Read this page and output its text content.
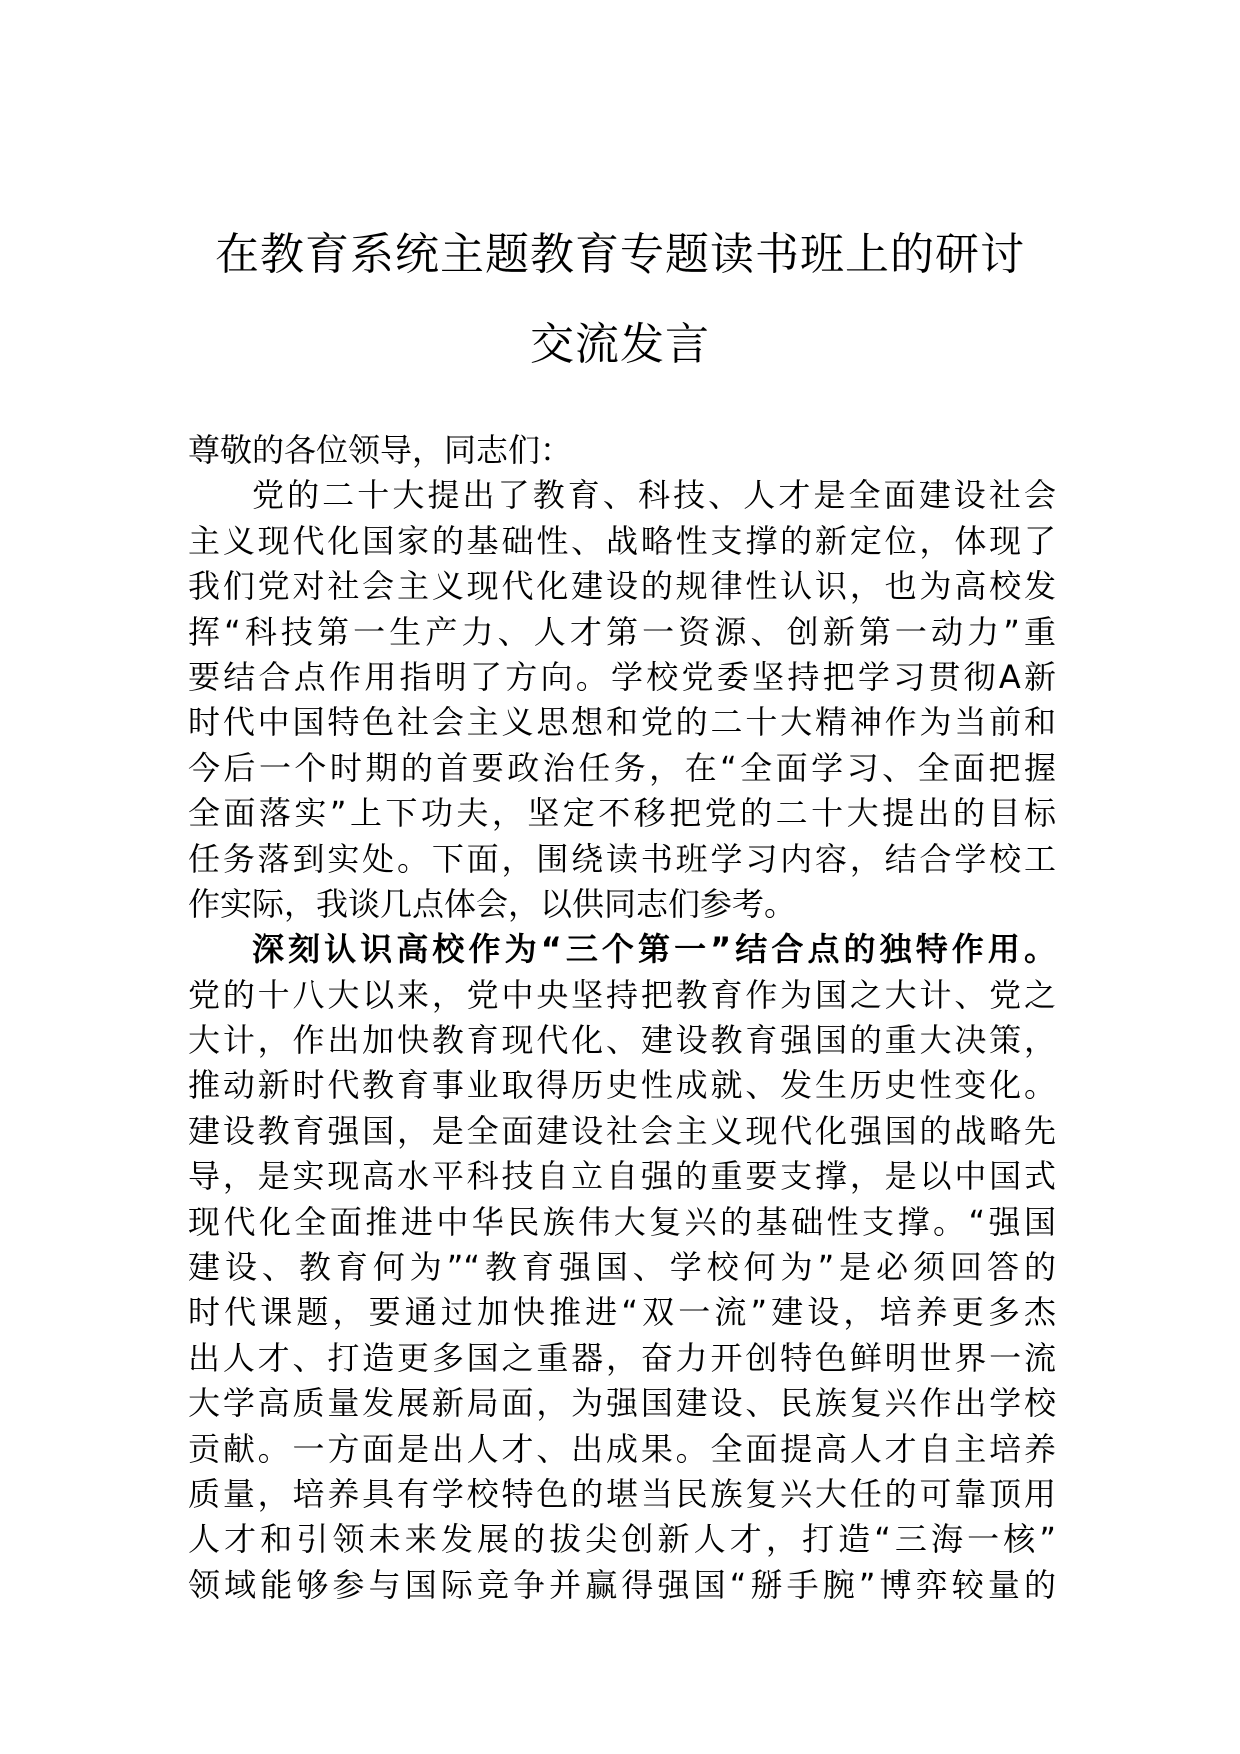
在教育系统主题教育专题读书班上的研讨
交流发言
尊敬的各位领导，同志们：
党的二十大提出了教育、科技、人才是全面建设社会
主义现代化国家的基础性、战略性支撑的新定位，体现了
我们党对社会主义现代化建设的规律性认识，也为高校发
挥“科技第一生产力、人才第一资源、创新第一动力”重
要结合点作用指明了方向。学校党委坚持把学习贯彻A新
时代中国特色社会主义思想和党的二十大精神作为当前和
今后一个时期的首要政治任务，在“全面学习、全面把握
全面落实”上下功夫，坚定不移把党的二十大提出的目标
任务落到实处。下面，围绕读书班学习内容，结合学校工
作实际，我谈几点体会，以供同志们参考。
深刻认识高校作为“三个第一”结合点的独特作用。
党的十八大以来，党中央坚持把教育作为国之大计、党之
大计，作出加快教育现代化、建设教育强国的重大决策，
推动新时代教育事业取得历史性成就、发生历史性变化。
建设教育强国，是全面建设社会主义现代化强国的战略先
导，是实现高水平科技自立自强的重要支撑，是以中国式
现代化全面推进中华民族伟大复兴的基础性支撑。“强国
建设、教育何为”“教育强国、学校何为”是必须回答的
时代课题，要通过加快推进“双一流”建设，培养更多杰
出人才、打造更多国之重器，奋力开创特色鲜明世界一流
大学高质量发展新局面，为强国建设、民族复兴作出学校
贡献。一方面是出人才、出成果。全面提高人才自主培养
质量，培养具有学校特色的堪当民族复兴大任的可靠顶用
人才和引领未来发展的拔尖创新人才，打造“三海一核”
领域能够参与国际竞争并赢得强国“掰手腕”博弈较量的
